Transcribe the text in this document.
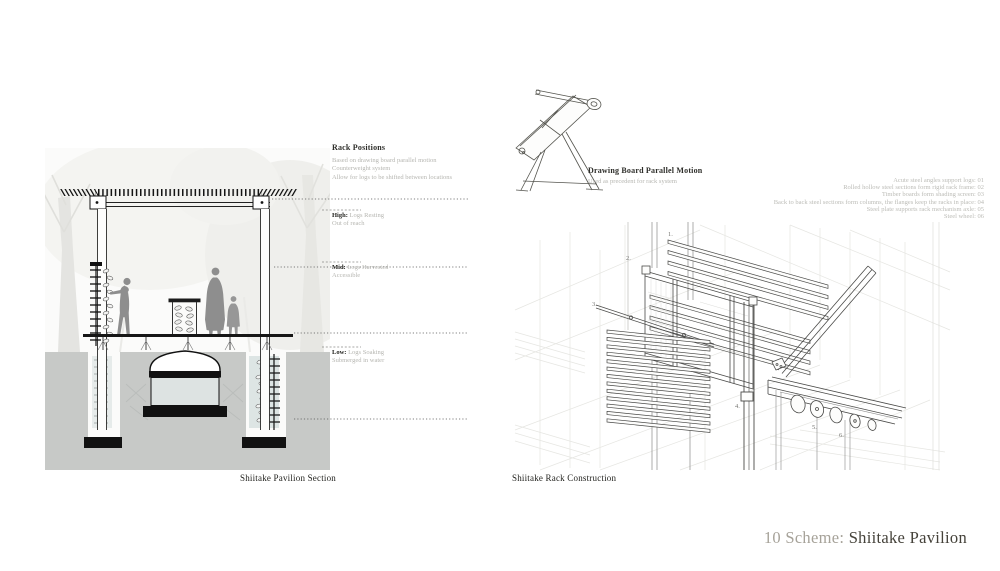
Rack Positions
Based on drawing board parallel motion
Counterweight system
Allow for logs to be shifted between locations
High: Logs Resting
Out of reach
Mid: Logs Harvested
Accessible
Low: Logs Soaking
Submerged in water
Shiitake Pavilion Section
Drawing Board Parallel Motion
Used as precedent for rack system	Acute steel angles support logs: 01
Rolled hollow steel sections form rigid rack frame: 02
Timber boards form shading screen: 03
Back to back steel sections form columns, the flanges keep the racks in place: 04
Steel plate supports rack mechanism axle: 05
Steel wheel: 06
1.
2.
3.
4.
5.
6.
Shiitake Rack Construction
10 Scheme: Shiitake Pavilion
